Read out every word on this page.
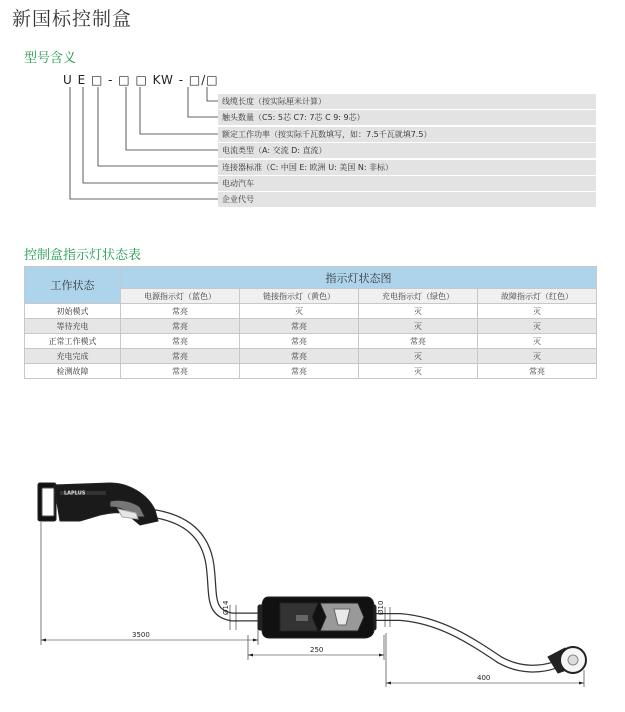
新国标控制盒
型号含义
U E □ - □ □ KW - □/□
线缆长度（按实际厘米计算）
触头数量（C5: 5芯 C7: 7芯 C 9: 9芯）
额定工作功率（按实际千瓦数填写，如：7.5千瓦就填7.5）
电流类型（A: 交流 D: 直流）
连接器标准（C: 中国 E: 欧洲 U: 美国 N: 非标）
电动汽车
企业代号
控制盒指示灯状态表
工作状态	指示灯状态图			
	电源指示灯（蓝色）	链接指示灯（黄色）	充电指示灯（绿色）	故障指示灯（红色）
初始模式	常亮	灭	灭	灭
等待充电	常亮	常亮	灭	灭
正常工作模式	常亮	常亮	常亮	灭
充电完成	常亮	常亮	灭	灭
检测故障	常亮	常亮	灭	常亮
LAPLUS
3500
250
400
Ø14	Ø10
